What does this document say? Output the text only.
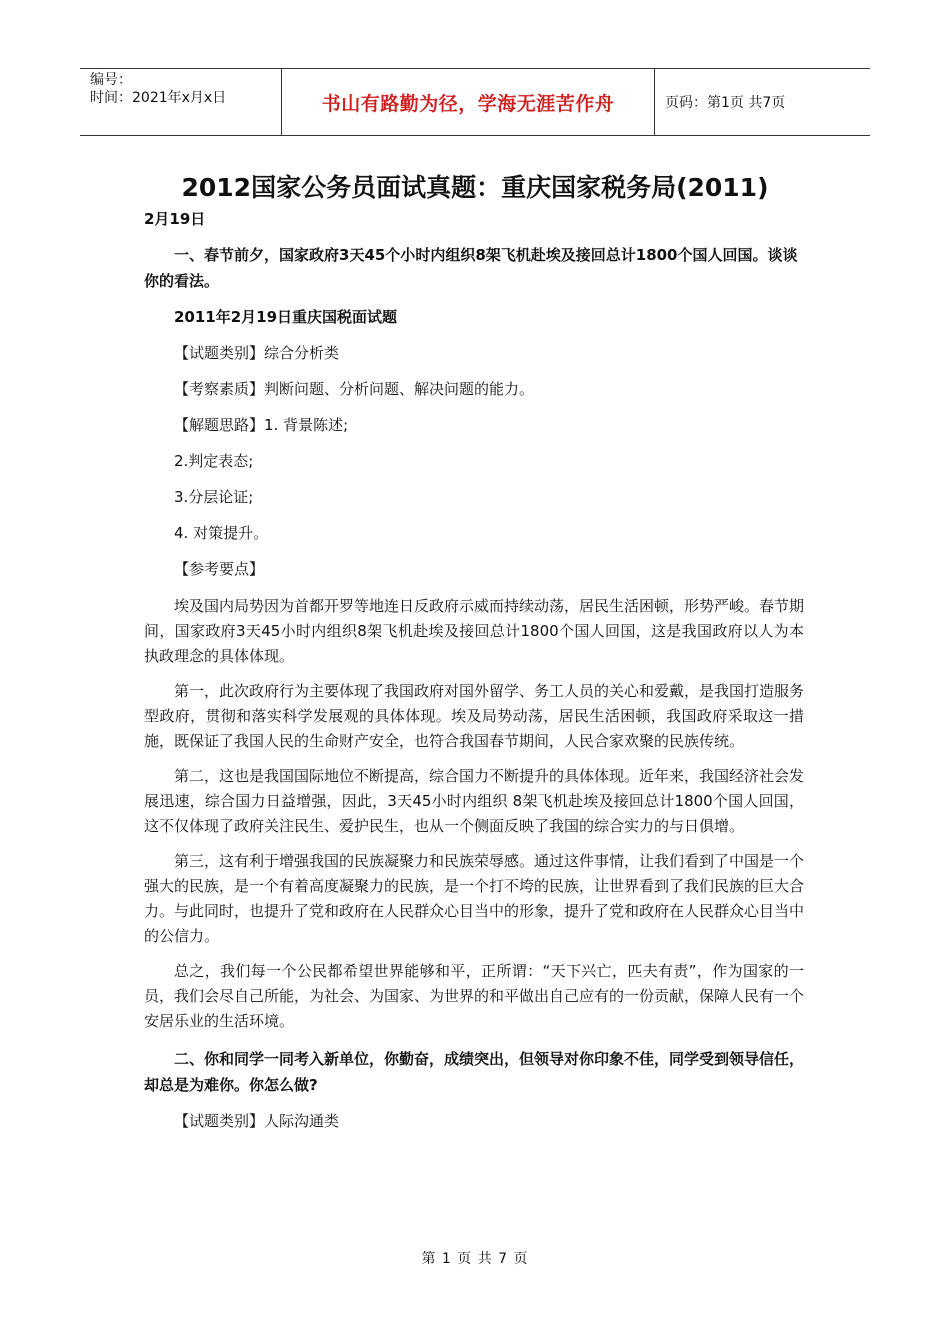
编号：
时间：2021年x月x日	书山有路勤为径，学海无涯苦作舟	页码：第1页 共7页
2012国家公务员面试真题：重庆国家税务局(2011)

2月19日

一、春节前夕，国家政府3天45个小时内组织8架飞机赴埃及接回总计1800个国人回国。谈谈你的看法。

2011年2月19日重庆国税面试题

【试题类别】综合分析类

【考察素质】判断问题、分析问题、解决问题的能力。

【解题思路】1. 背景陈述;

2.判定表态;

3.分层论证;

4. 对策提升。

【参考要点】

埃及国内局势因为首都开罗等地连日反政府示威而持续动荡，居民生活困顿，形势严峻。春节期间，国家政府3天45小时内组织8架飞机赴埃及接回总计1800个国人回国，这是我国政府以人为本执政理念的具体体现。

第一，此次政府行为主要体现了我国政府对国外留学、务工人员的关心和爱戴，是我国打造服务型政府，贯彻和落实科学发展观的具体体现。埃及局势动荡，居民生活困顿，我国政府采取这一措施，既保证了我国人民的生命财产安全，也符合我国春节期间，人民合家欢聚的民族传统。

第二，这也是我国国际地位不断提高，综合国力不断提升的具体体现。近年来，我国经济社会发展迅速，综合国力日益增强，因此，3天45小时内组织 8架飞机赴埃及接回总计1800个国人回国，这不仅体现了政府关注民生、爱护民生，也从一个侧面反映了我国的综合实力的与日俱增。

第三，这有利于增强我国的民族凝聚力和民族荣辱感。通过这件事情，让我们看到了中国是一个强大的民族，是一个有着高度凝聚力的民族，是一个打不垮的民族，让世界看到了我们民族的巨大合力。与此同时，也提升了党和政府在人民群众心目当中的形象，提升了党和政府在人民群众心目当中的公信力。

总之，我们每一个公民都希望世界能够和平，正所谓：“天下兴亡，匹夫有责”，作为国家的一员，我们会尽自己所能，为社会、为国家、为世界的和平做出自己应有的一份贡献，保障人民有一个安居乐业的生活环境。

二、你和同学一同考入新单位，你勤奋，成绩突出，但领导对你印象不佳，同学受到领导信任，却总是为难你。你怎么做?

【试题类别】人际沟通类

第 1 页 共 7 页
